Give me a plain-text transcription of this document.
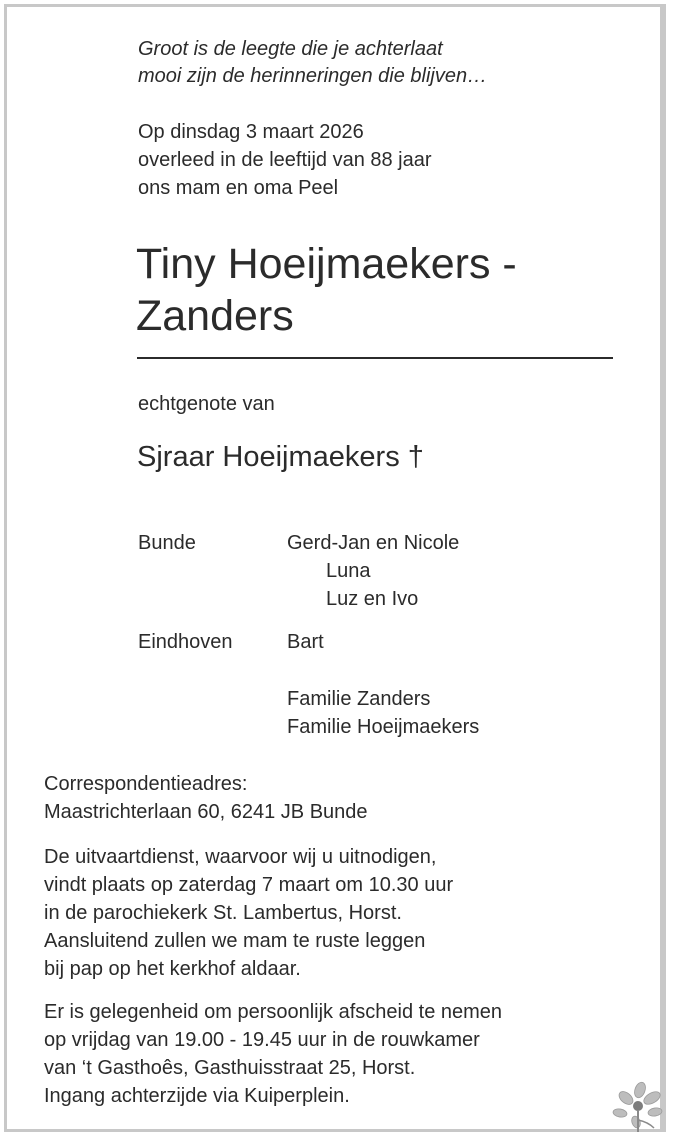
Groot is de leegte die je achterlaat
mooi zijn de herinneringen die blijven…
Op dinsdag 3 maart 2026
overleed in de leeftijd van 88 jaar
ons mam en oma Peel
Tiny Hoeijmaekers -
Zanders
echtgenote van
Sjraar Hoeijmaekers †
Bunde	Gerd-Jan en Nicole
Luna
Luz en Ivo
Eindhoven	Bart
Familie Zanders
Familie Hoeijmaekers
Correspondentieadres:
Maastrichterlaan 60, 6241 JB Bunde
De uitvaartdienst, waarvoor wij u uitnodigen,
vindt plaats op zaterdag 7 maart om 10.30 uur
in de parochiekerk St. Lambertus, Horst.
Aansluitend zullen we mam te ruste leggen
bij pap op het kerkhof aldaar.
Er is gelegenheid om persoonlijk afscheid te nemen
op vrijdag van 19.00 - 19.45 uur in de rouwkamer
van ‘t Gasthoês, Gasthuisstraat 25, Horst.
Ingang achterzijde via Kuiperplein.
